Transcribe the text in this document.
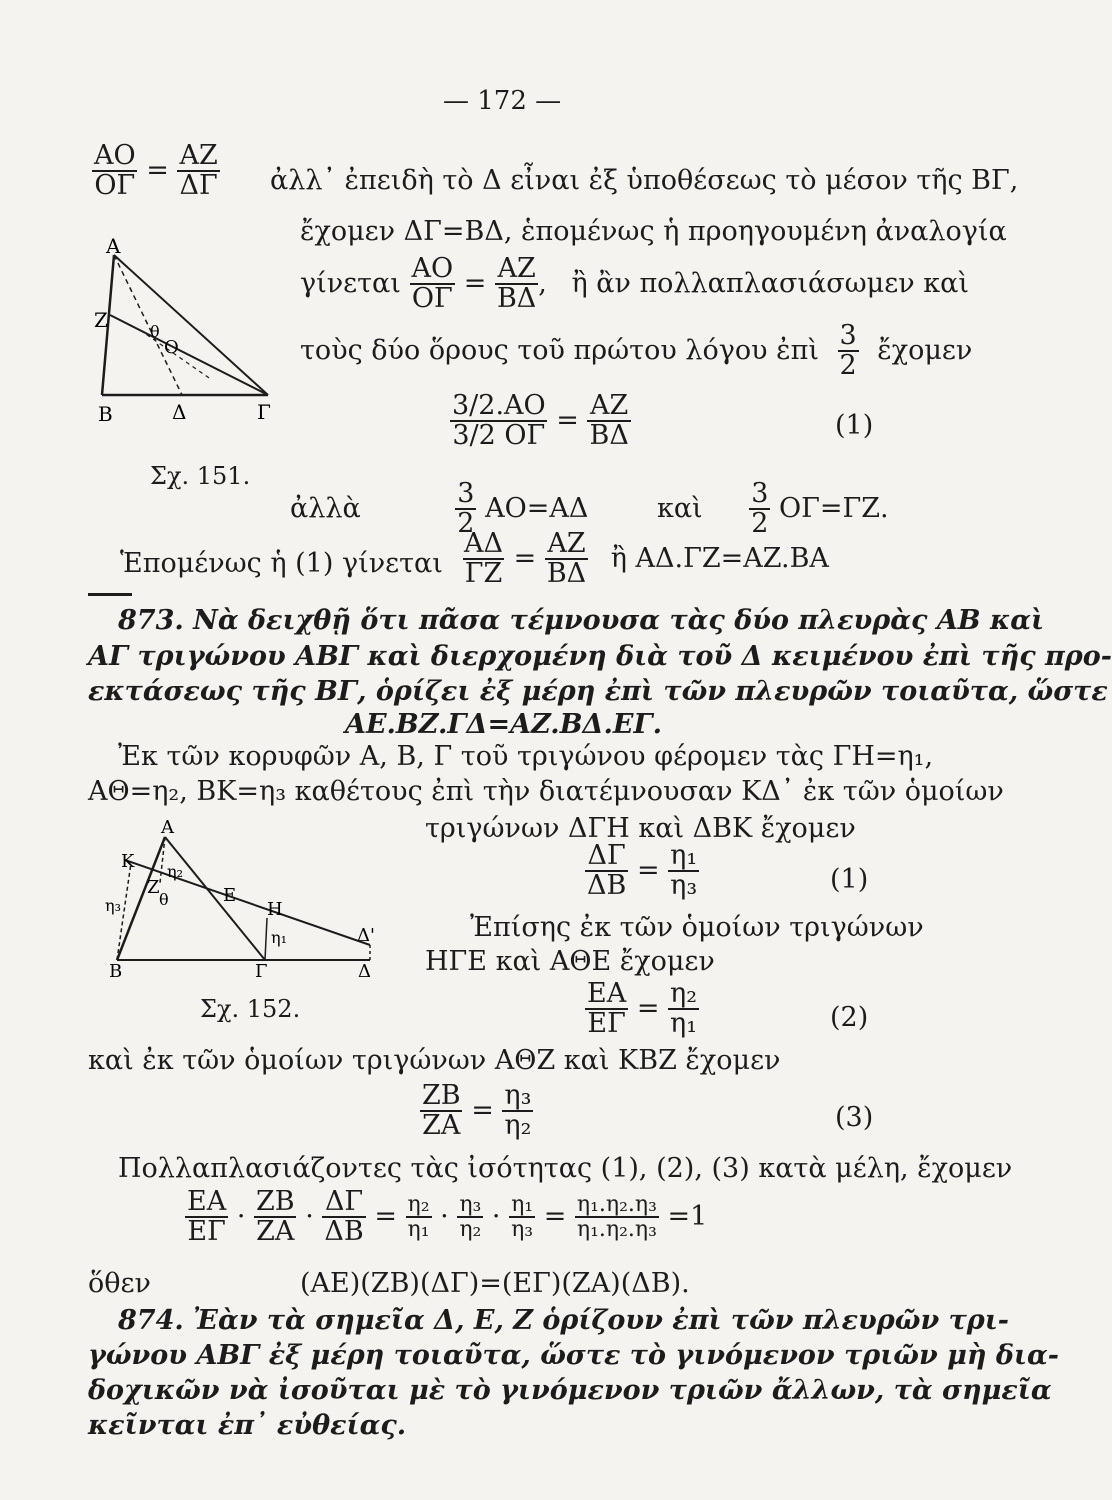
— 172 —
$\frac{AO}{O\Gamma} = \frac{AZ}{\Delta\Gamma}$ ἀλλ᾽ ἐπειδὴ τὸ Δ εἶναι ἐξ ὑποθέσεως τὸ μέσον τῆς ΒΓ,
ἔχομεν ΔΓ=ΒΔ, ἑπομένως ἡ προηγουμένη ἀναλογία
γίνεται $\frac{AO}{O\Gamma} = \frac{AZ}{B\Delta}$ , ἢ ἂν πολλαπλασιάσωμεν καὶ
τοὺς δύο ὅρους τοῦ πρώτου λόγου ἐπὶ $\frac{3}{2}$ ἔχομεν
$\frac{3/2.AO}{3/2 O\Gamma} = \frac{AZ}{B\Delta}$	(1)
A
B	Γ
Δ
Z
O
θ
Σχ. 151.
ἀλλὰ	$\frac{3}{2} AO=A\Delta$	καὶ $\frac{3}{2} O\Gamma=\Gamma Z$.
Ἑπομένως ἡ (1) γίνεται $\frac{A\Delta}{\Gamma Z} = \frac{AZ}{B\Delta}$ ἢ AΔ.ΓΖ=AZ.ΒΑ
873. Νὰ δειχθῇ ὅτι πᾶσα τέμνουσα τὰς δύο πλευρὰς AB καὶ
AΓ τριγώνου ΑΒΓ καὶ διερχομένη διὰ τοῦ Δ κειμένου ἐπὶ τῆς προ-
εκτάσεως τῆς ΒΓ, ὁρίζει ἐξ μέρη ἐπὶ τῶν πλευρῶν τοιαῦτα, ὥστε
AE.BZ.ΓΔ=AZ.BΔ.EΓ.
Ἐκ τῶν κορυφῶν A, B, Γ τοῦ τριγώνου φέρομεν τὰς ΓΗ=η₁,
AΘ=η₂, ΒΚ=η₃ καθέτους ἐπὶ τὴν διατέμνουσαν ΚΔ᾽ ἐκ τῶν ὁμοίων
τριγώνων ΔΓΗ καὶ ΔΒΚ ἔχομεν
$\frac{\Delta\Gamma}{\Delta B} = \frac{\text{η₁}}{\text{η₃}}$	(1)
A
B	Γ
Δ'
Δ
E
H
K
Z
θ
η₁
η₂
η₃
Σχ. 152.
Ἐπίσης ἐκ τῶν ὁμοίων τριγώνων
ΗΓΕ καὶ AΘΕ ἔχομεν
$\frac{EA}{E\Gamma} = \frac{\text{η₂}}{\text{η₁}}$	(2)
καὶ ἐκ τῶν ὁμοίων τριγώνων AΘΖ καὶ ΚΒΖ ἔχομεν
$\frac{ZB}{ZA} = \frac{\text{η₃}}{\text{η₂}}$	(3)
Πολλαπλασιάζοντες τὰς ἰσότητας (1), (2), (3) κατὰ μέλη, ἔχομεν
$\frac{EA}{E\Gamma} \cdot \frac{ZB}{ZA} \cdot \frac{\Delta\Gamma}{\Delta B} = \frac{\text{η₂}}{\text{η₁}} \cdot \frac{\text{η₃}}{\text{η₂}} \cdot \frac{\text{η₁}}{\text{η₃}} = \frac{\text{η₁.η₂.η₃}}{\text{η₁.η₂.η₃}} =1$
ὅθεν	(AE)(ZB)(ΔΓ)=(ΕΓ)(ZA)(ΔΒ).
874. Ἐὰν τὰ σημεῖα Δ, Ε, Ζ ὁρίζουν ἐπὶ τῶν πλευρῶν τρι-
γώνου ΑΒΓ ἐξ μέρη τοιαῦτα, ὥστε τὸ γινόμενον τριῶν μὴ δια-
δοχικῶν νὰ ἰσοῦται μὲ τὸ γινόμενον τριῶν ἄλλων, τὰ σημεῖα
κεῖνται ἐπ᾽ εὐθείας.
